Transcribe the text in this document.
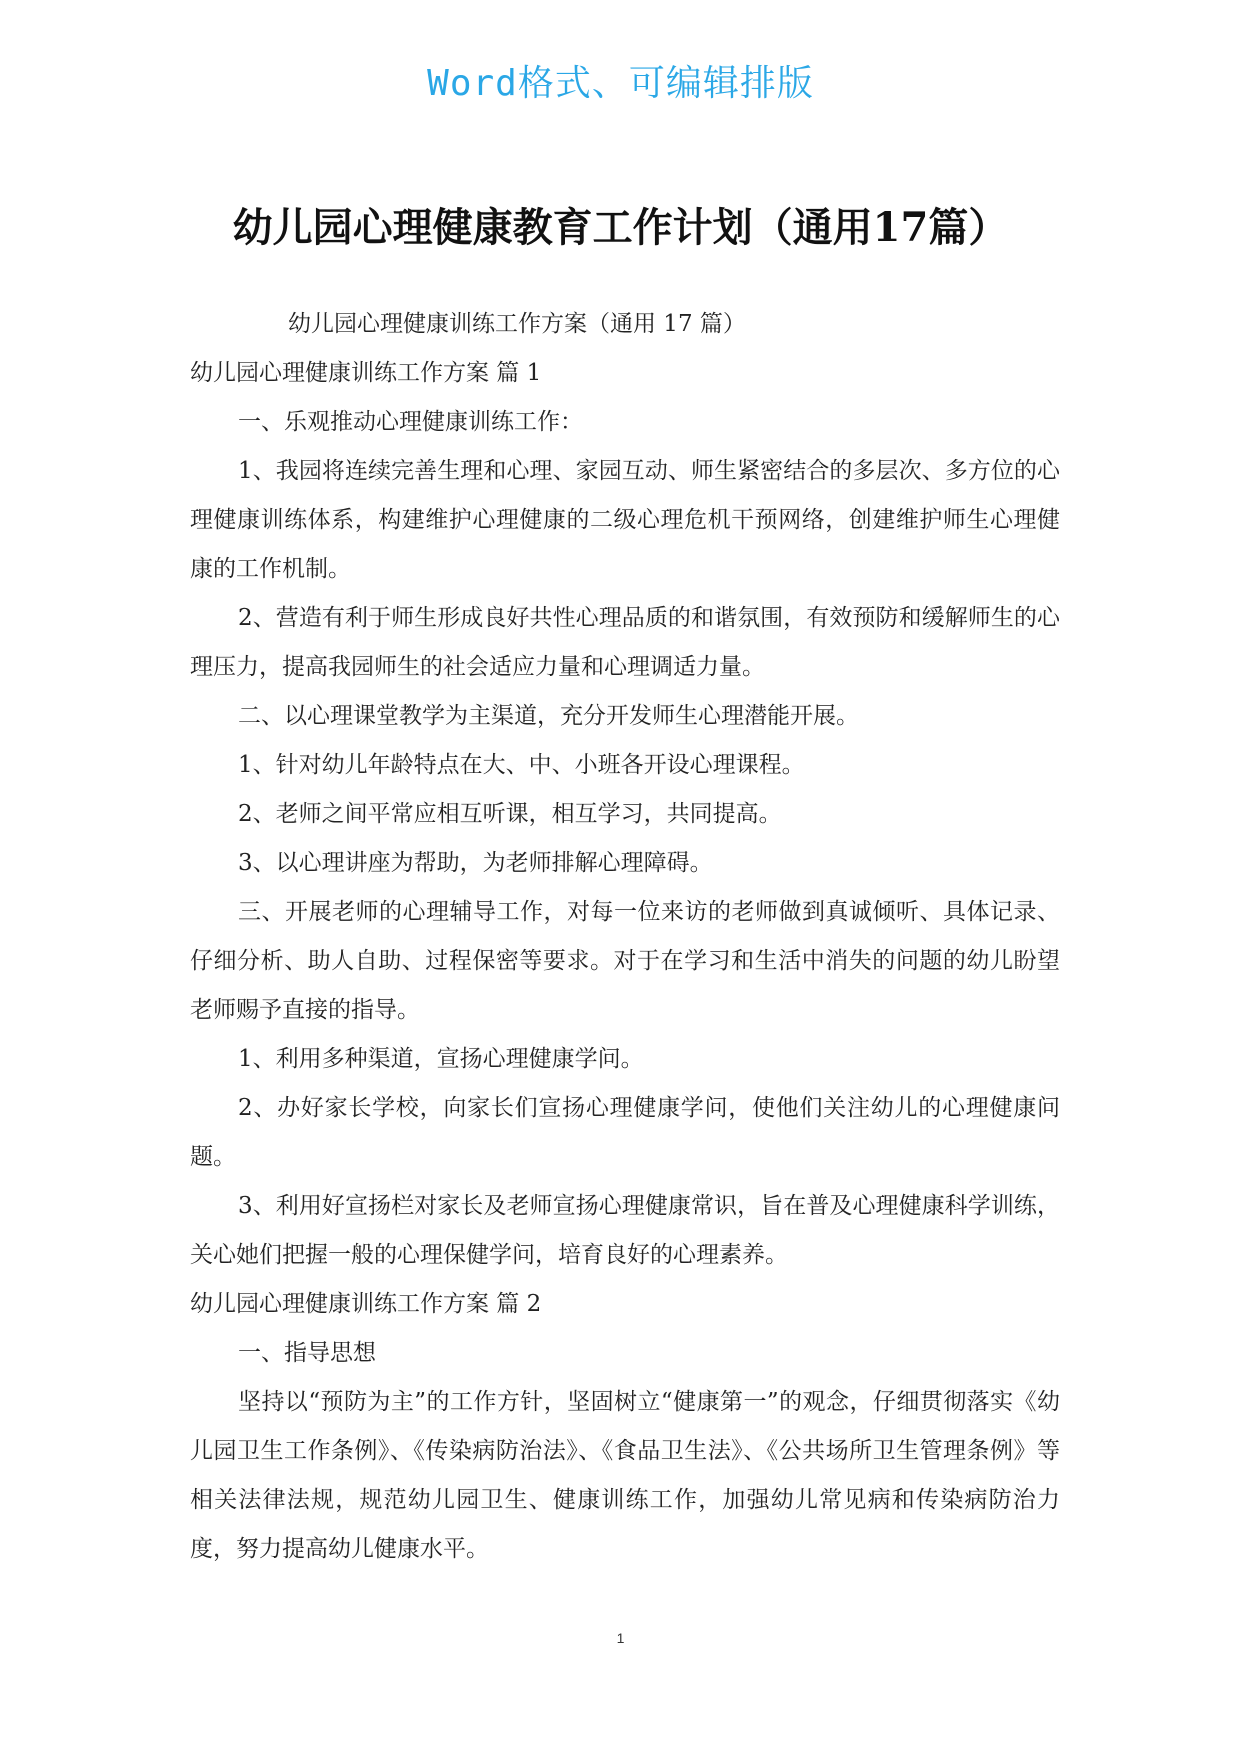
Word格式、可编辑排版
幼儿园心理健康教育工作计划（通用17篇）

幼儿园心理健康训练工作方案（通用 17 篇）

幼儿园心理健康训练工作方案 篇 1

一、乐观推动心理健康训练工作：

1、我园将连续完善生理和心理、家园互动、师生紧密结合的多层次、多方位的心理健康训练体系，构建维护心理健康的二级心理危机干预网络，创建维护师生心理健康的工作机制。

2、营造有利于师生形成良好共性心理品质的和谐氛围，有效预防和缓解师生的心理压力，提高我园师生的社会适应力量和心理调适力量。

二、以心理课堂教学为主渠道，充分开发师生心理潜能开展。

1、针对幼儿年龄特点在大、中、小班各开设心理课程。

2、老师之间平常应相互听课，相互学习，共同提高。

3、以心理讲座为帮助，为老师排解心理障碍。

三、开展老师的心理辅导工作，对每一位来访的老师做到真诚倾听、具体记录、仔细分析、助人自助、过程保密等要求。对于在学习和生活中消失的问题的幼儿盼望老师赐予直接的指导。

1、利用多种渠道，宣扬心理健康学问。

2、办好家长学校，向家长们宣扬心理健康学问，使他们关注幼儿的心理健康问题。

3、利用好宣扬栏对家长及老师宣扬心理健康常识，旨在普及心理健康科学训练，关心她们把握一般的心理保健学问，培育良好的心理素养。

幼儿园心理健康训练工作方案 篇 2

一、指导思想

坚持以“预防为主”的工作方针，坚固树立“健康第一”的观念，仔细贯彻落实《幼儿园卫生工作条例》、《传染病防治法》、《食品卫生法》、《公共场所卫生管理条例》等相关法律法规，规范幼儿园卫生、健康训练工作，加强幼儿常见病和传染病防治力度，努力提高幼儿健康水平。

1
